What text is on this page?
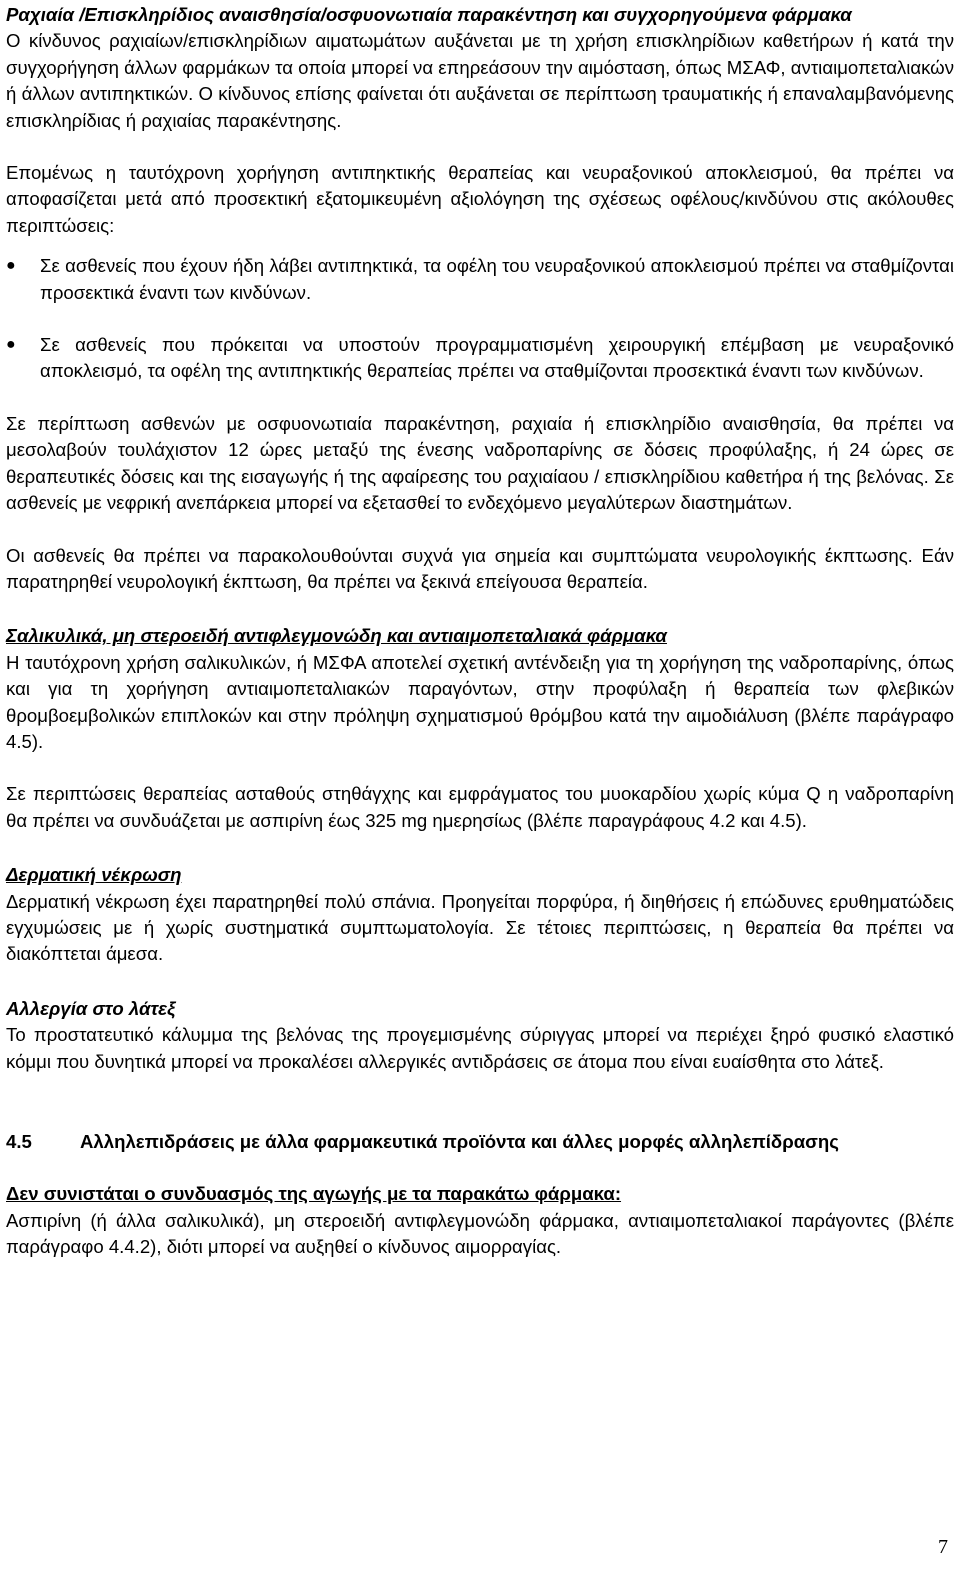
Ραχιαία /Επισκληρίδιος αναισθησία/οσφυονωτιαία παρακέντηση και συγχορηγούμενα φάρμακα

Ο κίνδυνος ραχιαίων/επισκληρίδιων αιματωμάτων αυξάνεται με τη χρήση επισκληρίδιων καθετήρων ή κατά την συγχορήγηση άλλων φαρμάκων τα οποία μπορεί να επηρεάσουν την αιμόσταση, όπως ΜΣΑΦ, αντιαιμοπεταλιακών ή άλλων αντιπηκτικών. Ο κίνδυνος επίσης φαίνεται ότι αυξάνεται σε περίπτωση τραυματικής ή επαναλαμβανόμενης επισκληρίδιας ή ραχιαίας παρακέντησης.

Επομένως η ταυτόχρονη χορήγηση αντιπηκτικής θεραπείας και νευραξονικού αποκλεισμού, θα πρέπει να αποφασίζεται μετά από προσεκτική εξατομικευμένη αξιολόγηση της σχέσεως οφέλους/κινδύνου στις ακόλουθες περιπτώσεις:

●	Σε ασθενείς που έχουν ήδη λάβει αντιπηκτικά, τα οφέλη του νευραξονικού αποκλεισμού πρέπει να σταθμίζονται προσεκτικά έναντι των κινδύνων.
●	Σε ασθενείς που πρόκειται να υποστούν προγραμματισμένη χειρουργική επέμβαση με νευραξονικό αποκλεισμό, τα οφέλη της αντιπηκτικής θεραπείας πρέπει να σταθμίζονται προσεκτικά έναντι των κινδύνων.

Σε περίπτωση ασθενών με οσφυονωτιαία παρακέντηση, ραχιαία ή επισκληρίδιο αναισθησία, θα πρέπει να μεσολαβούν τουλάχιστον 12 ώρες μεταξύ της ένεσης ναδροπαρίνης σε δόσεις προφύλαξης, ή 24 ώρες σε θεραπευτικές δόσεις και της εισαγωγής ή της αφαίρεσης του ραχιαίαου / επισκληρίδιου καθετήρα ή της βελόνας. Σε ασθενείς με νεφρική ανεπάρκεια μπορεί να εξετασθεί το ενδεχόμενο μεγαλύτερων διαστημάτων.

Οι ασθενείς θα πρέπει να παρακολουθούνται συχνά για σημεία και συμπτώματα νευρολογικής έκπτωσης. Εάν παρατηρηθεί νευρολογική έκπτωση, θα πρέπει να ξεκινά επείγουσα θεραπεία.

Σαλικυλικά, μη στεροειδή αντιφλεγμονώδη και αντιαιμοπεταλιακά φάρμακα

Η ταυτόχρονη χρήση σαλικυλικών, ή ΜΣΦΑ αποτελεί σχετική αντένδειξη για τη χορήγηση της ναδροπαρίνης, όπως και για τη χορήγηση αντιαιμοπεταλιακών παραγόντων, στην προφύλαξη ή θεραπεία των φλεβικών θρομβοεμβολικών επιπλοκών και στην πρόληψη σχηματισμού θρόμβου κατά την αιμοδιάλυση (βλέπε παράγραφο 4.5).

Σε περιπτώσεις θεραπείας ασταθούς στηθάγχης και εμφράγματος του μυοκαρδίου χωρίς κύμα Q η ναδροπαρίνη θα πρέπει να συνδυάζεται με ασπιρίνη έως 325 mg ημερησίως (βλέπε παραγράφους 4.2 και 4.5).

Δερματική νέκρωση

Δερματική νέκρωση έχει παρατηρηθεί πολύ σπάνια. Προηγείται πορφύρα, ή διηθήσεις ή επώδυνες ερυθηματώδεις εγχυμώσεις με ή χωρίς συστηματικά συμπτωματολογία. Σε τέτοιες περιπτώσεις, η θεραπεία θα πρέπει να διακόπτεται άμεσα.

Αλλεργία στο λάτεξ

Το προστατευτικό κάλυμμα της βελόνας της προγεμισμένης σύριγγας μπορεί να περιέχει ξηρό φυσικό ελαστικό κόμμι που δυνητικά μπορεί να προκαλέσει αλλεργικές αντιδράσεις σε άτομα που είναι ευαίσθητα στο λάτεξ.

4.5	Αλληλεπιδράσεις με άλλα φαρμακευτικά προϊόντα και άλλες μορφές αλληλεπίδρασης

Δεν συνιστάται ο συνδυασμός της αγωγής με τα παρακάτω φάρμακα:

Ασπιρίνη (ή άλλα σαλικυλικά), μη στεροειδή αντιφλεγμονώδη φάρμακα, αντιαιμοπεταλιακοί παράγοντες (βλέπε παράγραφο 4.4.2), διότι μπορεί να αυξηθεί ο κίνδυνος αιμορραγίας.

7
